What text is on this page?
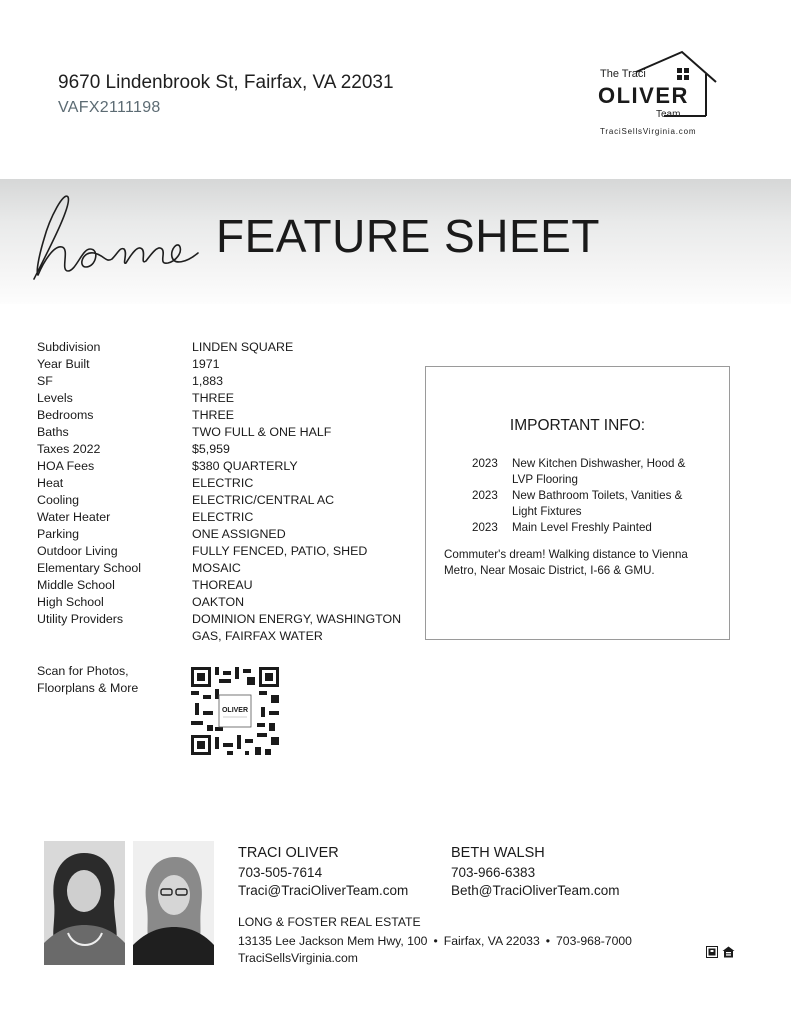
9670 Lindenbrook St, Fairfax, VA 22031
VAFX2111198
The Traci
OLIVER
Team
TraciSellsVirginia.com
FEATURE SHEET
Subdivision	LINDEN SQUARE
Year Built	1971
SF	1,883
Levels	THREE
Bedrooms	THREE
Baths	TWO FULL & ONE HALF
Taxes 2022	$5,959
HOA Fees	$380 QUARTERLY
Heat	ELECTRIC
Cooling	ELECTRIC/CENTRAL AC
Water Heater	ELECTRIC
Parking	ONE ASSIGNED
Outdoor Living	FULLY FENCED, PATIO, SHED
Elementary School	MOSAIC
Middle School	THOREAU
High School	OAKTON
Utility Providers	DOMINION ENERGY, WASHINGTON GAS, FAIRFAX WATER
Scan for Photos,
Floorplans & More
OLIVER
IMPORTANT INFO:
2023	New Kitchen Dishwasher, Hood & LVP Flooring
2023	New Bathroom Toilets, Vanities & Light Fixtures
2023	Main Level Freshly Painted
Commuter's dream! Walking distance to Vienna Metro, Near Mosaic District, I-66 & GMU.
TRACI OLIVER
703-505-7614
Traci@TraciOliverTeam.com
BETH WALSH
703-966-6383
Beth@TraciOliverTeam.com
LONG & FOSTER REAL ESTATE
13135 Lee Jackson Mem Hwy, 100 • Fairfax, VA 22033 • 703-968-7000
TraciSellsVirginia.com
